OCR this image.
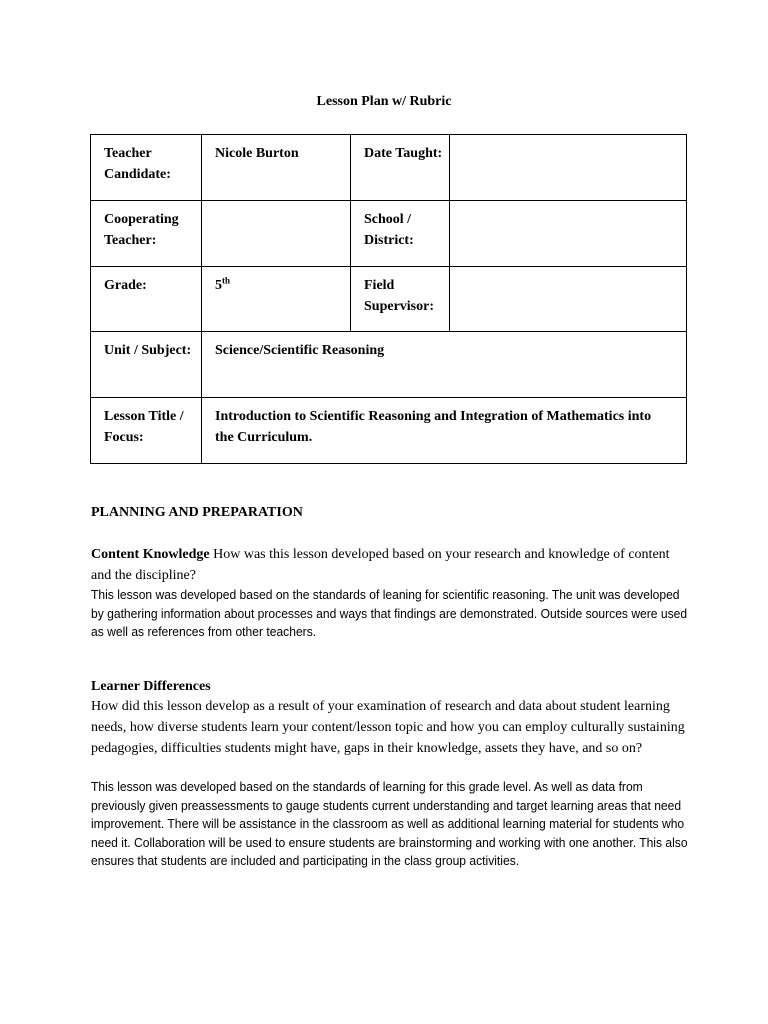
Lesson Plan w/ Rubric
Teacher Candidate:	Nicole Burton	Date Taught:	
Cooperating Teacher:		School / District:	
Grade:	5th	Field Supervisor:	
Unit / Subject:	Science/Scientific Reasoning		
Lesson Title / Focus:	Introduction to Scientific Reasoning and Integration of Mathematics into the Curriculum.		
PLANNING AND PREPARATION
Content Knowledge How was this lesson developed based on your research and knowledge of content and the discipline?
This lesson was developed based on the standards of leaning for scientific reasoning. The unit was developed by gathering information about processes and ways that findings are demonstrated. Outside sources were used as well as references from other teachers.
Learner Differences
How did this lesson develop as a result of your examination of research and data about student learning needs, how diverse students learn your content/lesson topic and how you can employ culturally sustaining pedagogies, difficulties students might have, gaps in their knowledge, assets they have, and so on?
This lesson was developed based on the standards of learning for this grade level. As well as data from previously given preassessments to gauge students current understanding and target learning areas that need improvement. There will be assistance in the classroom as well as additional learning material for students who need it. Collaboration will be used to ensure students are brainstorming and working with one another. This also ensures that students are included and participating in the class group activities.
